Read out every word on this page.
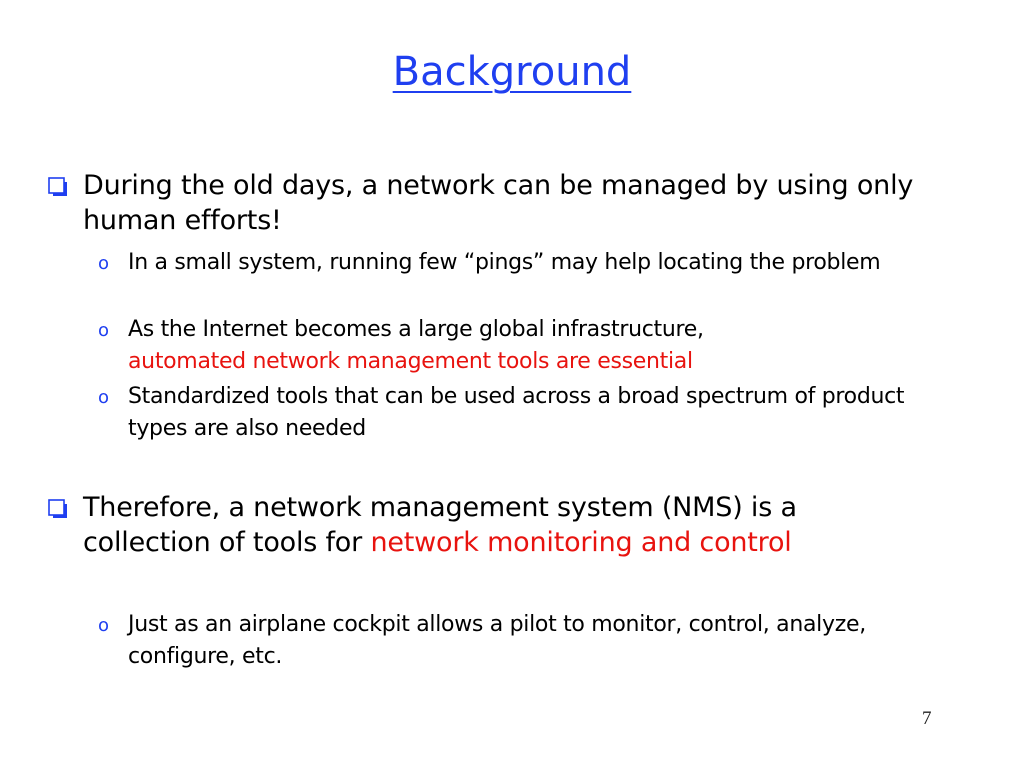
Background
During the old days, a network can be managed by using only human efforts!
o In a small system, running few “pings” may help locating the problem
o As the Internet becomes a large global infrastructure,
automated network management tools are essential
o Standardized tools that can be used across a broad spectrum of product types are also needed
Therefore, a network management system (NMS) is a collection of tools for network monitoring and control
o Just as an airplane cockpit allows a pilot to monitor, control, analyze, configure, etc.
7
